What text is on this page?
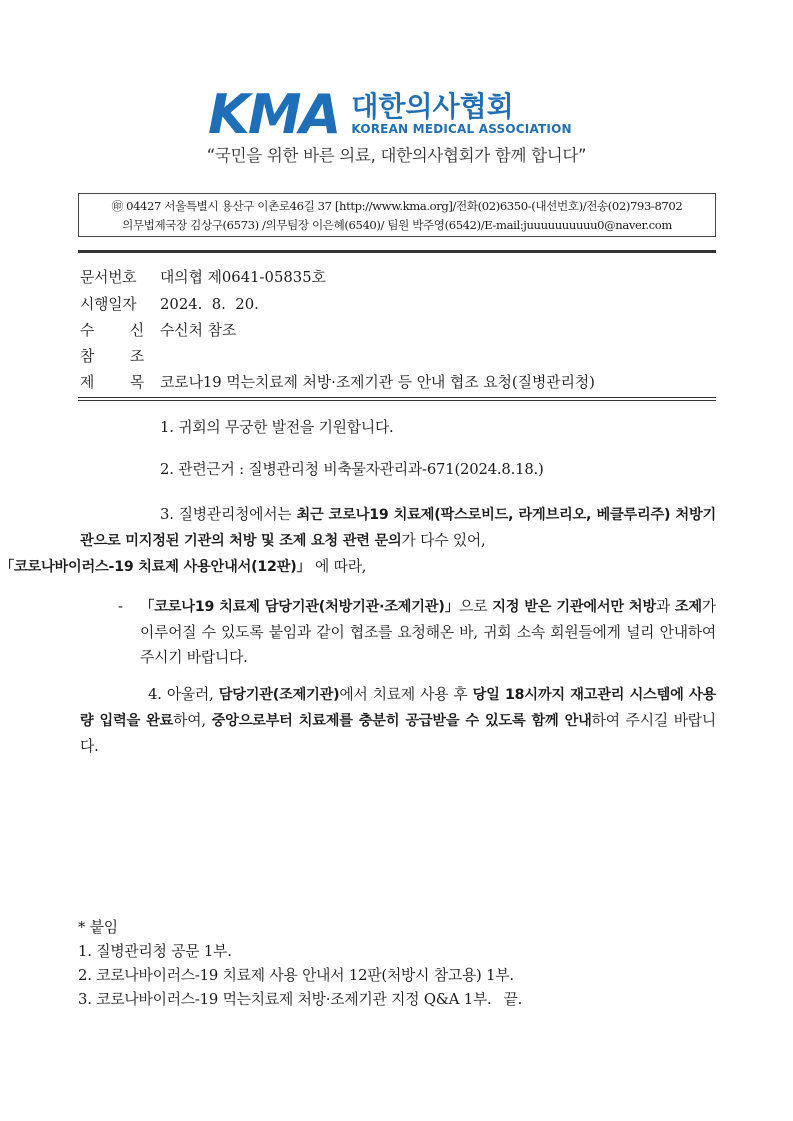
KMA 대한의사협회
KOREAN MEDICAL ASSOCIATION
“국민을 위한 바른 의료, 대한의사협회가 함께 합니다”
㊞ 04427 서울특별시 용산구 이촌로46길 37 [http://www.kma.org]/전화(02)6350-(내선번호)/전송(02)793-8702
의무법제국장 김상구(6573) /의무팀장 이은혜(6540)/ 팀원 박주영(6542)/E-mail:juuuuuuuuuu0@naver.com
문서번호 대의협 제0641-05835호
시행일자 2024.  8.  20.
수 신 수신처 참조
참 조
제 목 코로나19 먹는치료제 처방·조제기관 등 안내 협조 요청(질병관리청)
1. 귀회의 무궁한 발전을 기원합니다.
2. 관련근거 : 질병관리청 비축물자관리과-671(2024.8.18.)
3. 질병관리청에서는 최근 코로나19 치료제(팍스로비드, 라게브리오, 베클루리주) 처방기관으로 미지정된 기관의 처방 및 조제 요청 관련 문의가 다수 있어,
「코로나바이러스-19 치료제 사용안내서(12판)」 에 따라,
- 「코로나19 치료제 담당기관(처방기관·조제기관)」으로 지정 받은 기관에서만 처방과 조제가 이루어질 수 있도록 붙임과 같이 협조를 요청해온 바, 귀회 소속 회원들에게 널리 안내하여 주시기 바랍니다.
4. 아울러, 담당기관(조제기관)에서 치료제 사용 후 당일 18시까지 재고관리 시스템에 사용량 입력을 완료하여, 중앙으로부터 치료제를 충분히 공급받을 수 있도록 함께 안내하여 주시길 바랍니다.
* 붙임
1. 질병관리청 공문 1부.
2. 코로나바이러스-19 치료제 사용 안내서 12판(처방시 참고용) 1부.
3. 코로나바이러스-19 먹는치료제 처방·조제기관 지정 Q&A 1부. 끝.
